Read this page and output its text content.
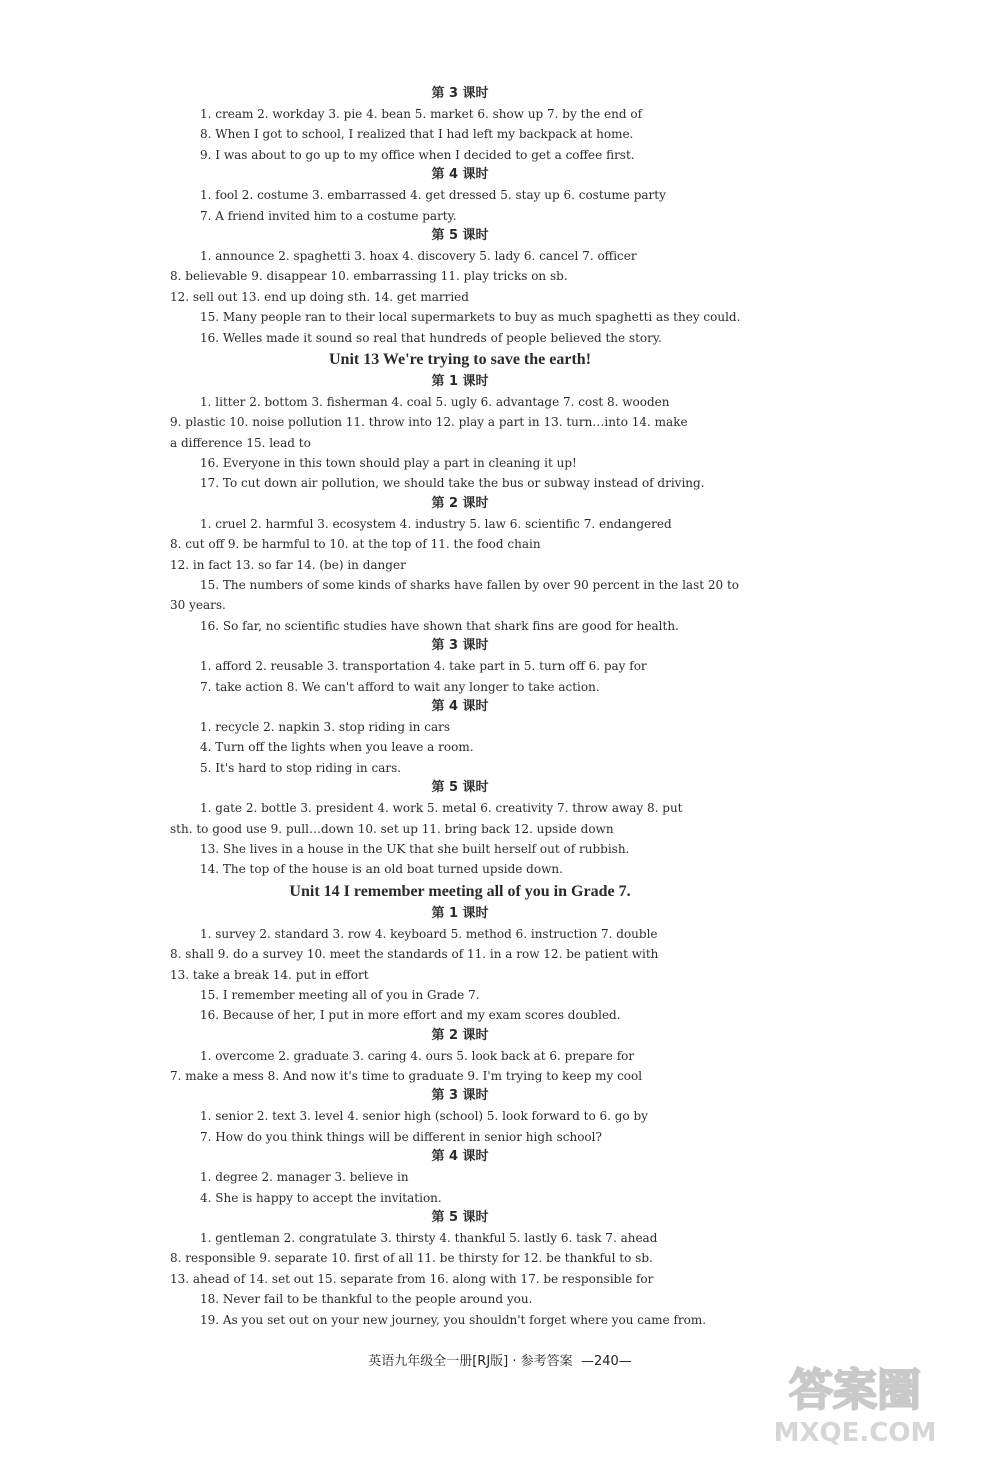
第 3 课时
1. cream 2. workday 3. pie 4. bean 5. market 6. show up 7. by the end of
8. When I got to school, I realized that I had left my backpack at home.
9. I was about to go up to my office when I decided to get a coffee first.
第 4 课时
1. fool 2. costume 3. embarrassed 4. get dressed 5. stay up 6. costume party
7. A friend invited him to a costume party.
第 5 课时
1. announce 2. spaghetti 3. hoax 4. discovery 5. lady 6. cancel 7. officer
8. believable 9. disappear 10. embarrassing 11. play tricks on sb.
12. sell out 13. end up doing sth. 14. get married
15. Many people ran to their local supermarkets to buy as much spaghetti as they could.
16. Welles made it sound so real that hundreds of people believed the story.
Unit 13 We're trying to save the earth!
第 1 课时
1. litter 2. bottom 3. fisherman 4. coal 5. ugly 6. advantage 7. cost 8. wooden
9. plastic 10. noise pollution 11. throw into 12. play a part in 13. turn…into 14. make
a difference 15. lead to
16. Everyone in this town should play a part in cleaning it up!
17. To cut down air pollution, we should take the bus or subway instead of driving.
第 2 课时
1. cruel 2. harmful 3. ecosystem 4. industry 5. law 6. scientific 7. endangered
8. cut off 9. be harmful to 10. at the top of 11. the food chain
12. in fact 13. so far 14. (be) in danger
15. The numbers of some kinds of sharks have fallen by over 90 percent in the last 20 to
30 years.
16. So far, no scientific studies have shown that shark fins are good for health.
第 3 课时
1. afford 2. reusable 3. transportation 4. take part in 5. turn off 6. pay for
7. take action 8. We can't afford to wait any longer to take action.
第 4 课时
1. recycle 2. napkin 3. stop riding in cars
4. Turn off the lights when you leave a room.
5. It's hard to stop riding in cars.
第 5 课时
1. gate 2. bottle 3. president 4. work 5. metal 6. creativity 7. throw away 8. put
sth. to good use 9. pull…down 10. set up 11. bring back 12. upside down
13. She lives in a house in the UK that she built herself out of rubbish.
14. The top of the house is an old boat turned upside down.
Unit 14 I remember meeting all of you in Grade 7.
第 1 课时
1. survey 2. standard 3. row 4. keyboard 5. method 6. instruction 7. double
8. shall 9. do a survey 10. meet the standards of 11. in a row 12. be patient with
13. take a break 14. put in effort
15. I remember meeting all of you in Grade 7.
16. Because of her, I put in more effort and my exam scores doubled.
第 2 课时
1. overcome 2. graduate 3. caring 4. ours 5. look back at 6. prepare for
7. make a mess 8. And now it's time to graduate 9. I'm trying to keep my cool
第 3 课时
1. senior 2. text 3. level 4. senior high (school) 5. look forward to 6. go by
7. How do you think things will be different in senior high school?
第 4 课时
1. degree 2. manager 3. believe in
4. She is happy to accept the invitation.
第 5 课时
1. gentleman 2. congratulate 3. thirsty 4. thankful 5. lastly 6. task 7. ahead
8. responsible 9. separate 10. first of all 11. be thirsty for 12. be thankful to sb.
13. ahead of 14. set out 15. separate from 16. along with 17. be responsible for
18. Never fail to be thankful to the people around you.
19. As you set out on your new journey, you shouldn't forget where you came from.
英语九年级全一册[RJ版] · 参考答案 —240—
答案圈
MXQE.COM
